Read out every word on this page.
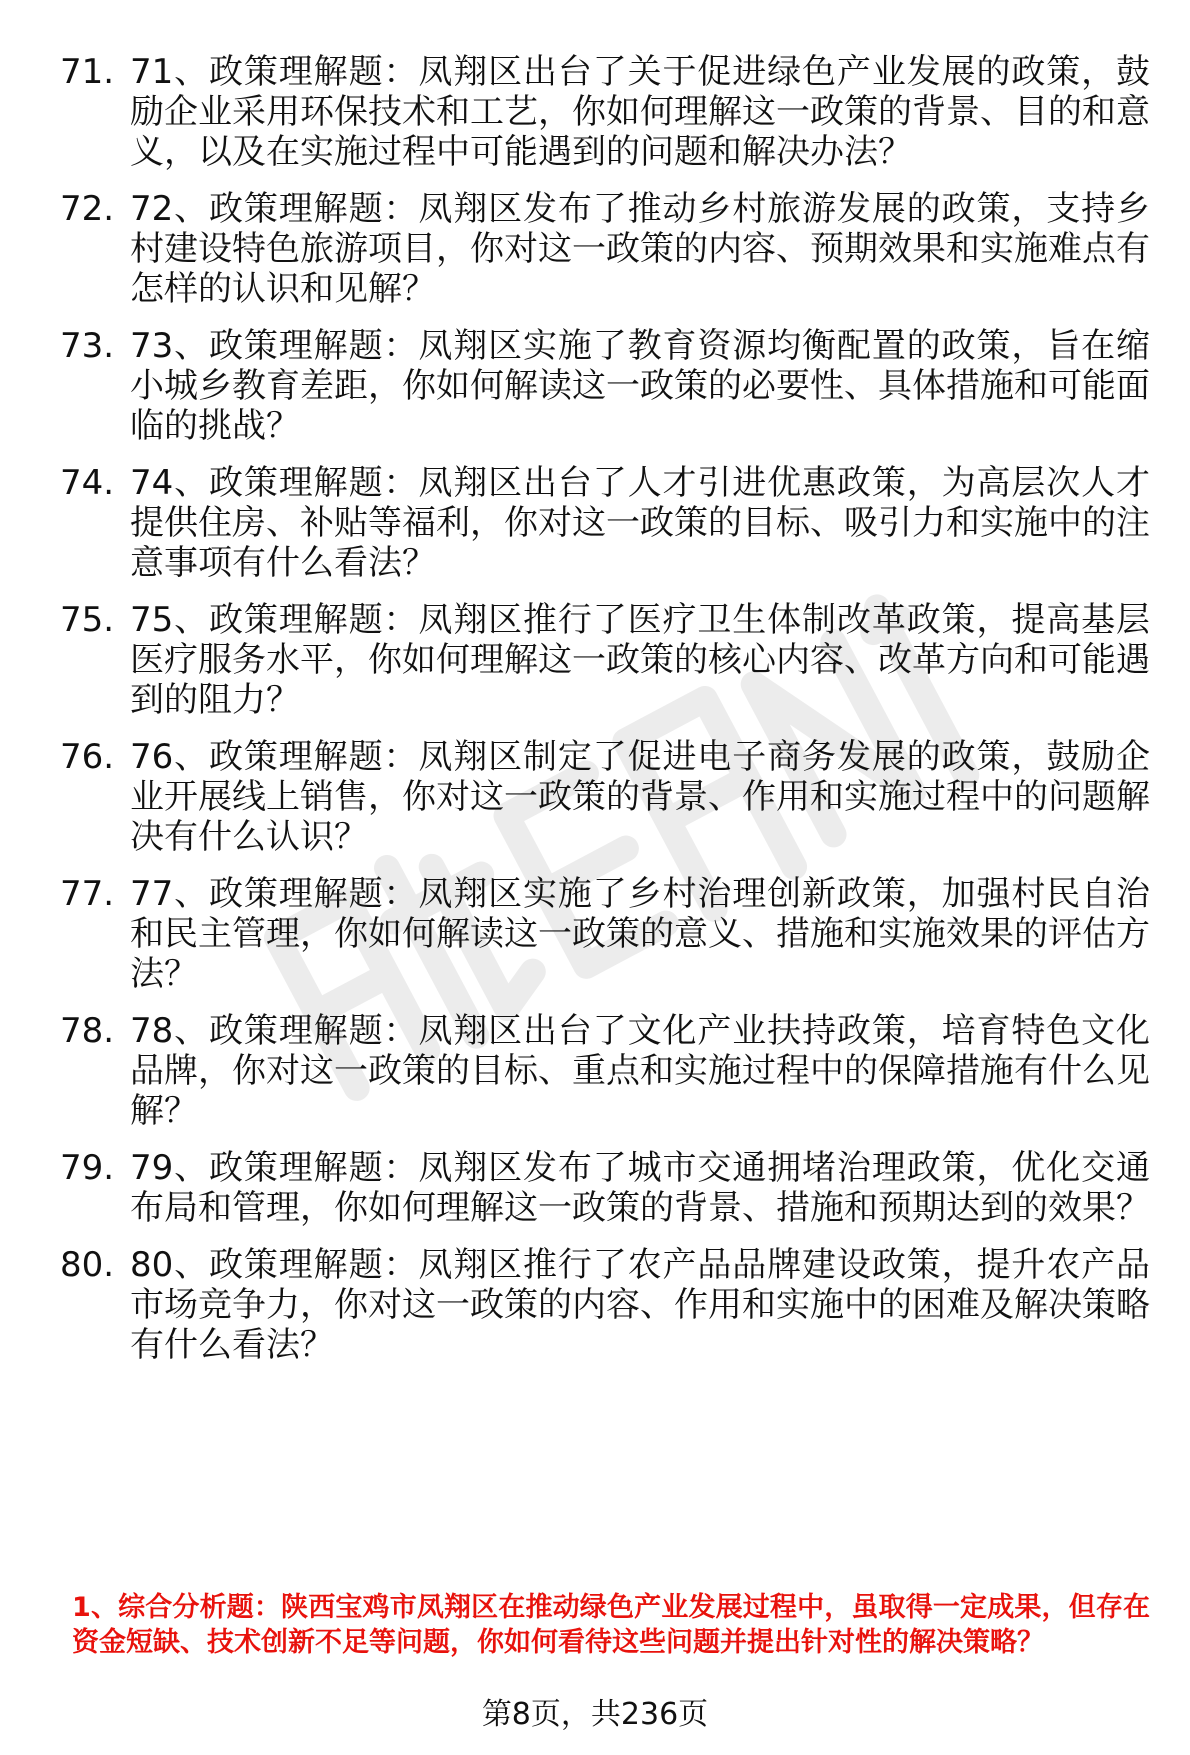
71. 71、政策理解题：凤翔区出台了关于促进绿色产业发展的政策，鼓励企业采用环保技术和工艺，你如何理解这一政策的背景、目的和意义，以及在实施过程中可能遇到的问题和解决办法？
72. 72、政策理解题：凤翔区发布了推动乡村旅游发展的政策，支持乡村建设特色旅游项目，你对这一政策的内容、预期效果和实施难点有怎样的认识和见解？
73. 73、政策理解题：凤翔区实施了教育资源均衡配置的政策，旨在缩小城乡教育差距，你如何解读这一政策的必要性、具体措施和可能面临的挑战？
74. 74、政策理解题：凤翔区出台了人才引进优惠政策，为高层次人才提供住房、补贴等福利，你对这一政策的目标、吸引力和实施中的注意事项有什么看法？
75. 75、政策理解题：凤翔区推行了医疗卫生体制改革政策，提高基层医疗服务水平，你如何理解这一政策的核心内容、改革方向和可能遇到的阻力？
76. 76、政策理解题：凤翔区制定了促进电子商务发展的政策，鼓励企业开展线上销售，你对这一政策的背景、作用和实施过程中的问题解决有什么认识？
77. 77、政策理解题：凤翔区实施了乡村治理创新政策，加强村民自治和民主管理，你如何解读这一政策的意义、措施和实施效果的评估方法？
78. 78、政策理解题：凤翔区出台了文化产业扶持政策，培育特色文化品牌，你对这一政策的目标、重点和实施过程中的保障措施有什么见解？
79. 79、政策理解题：凤翔区发布了城市交通拥堵治理政策，优化交通布局和管理，你如何理解这一政策的背景、措施和预期达到的效果？
80. 80、政策理解题：凤翔区推行了农产品品牌建设政策，提升农产品市场竞争力，你对这一政策的内容、作用和实施中的困难及解决策略有什么看法？

1、综合分析题：陕西宝鸡市凤翔区在推动绿色产业发展过程中，虽取得一定成果，但存在资金短缺、技术创新不足等问题，你如何看待这些问题并提出针对性的解决策略？

第8页，共236页
